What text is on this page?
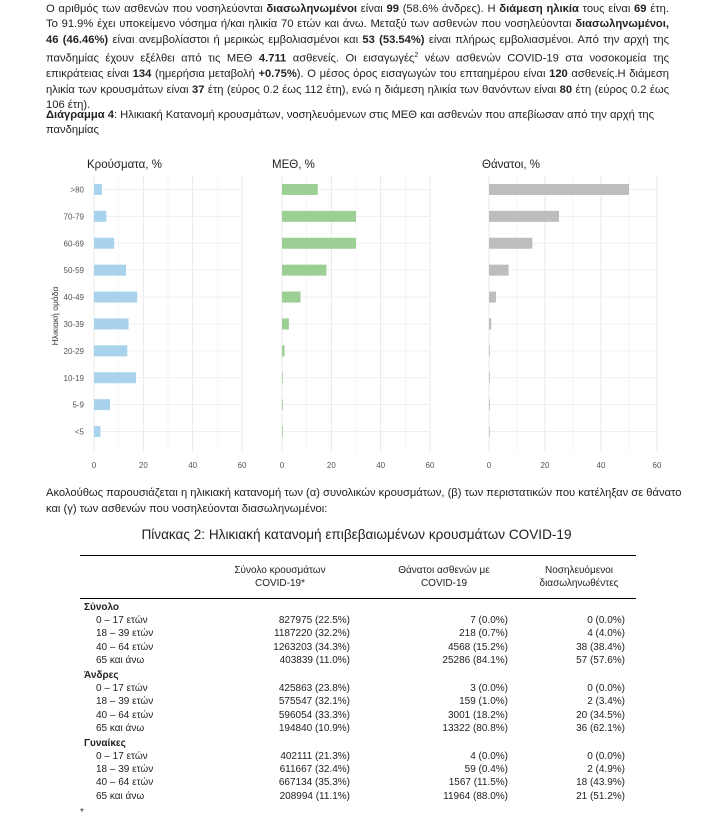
Ο αριθμός των ασθενών που νοσηλεύονται διασωληνωμένοι είναι 99 (58.6% άνδρες). Η διάμεση ηλικία τους είναι 69 έτη. Το 91.9% έχει υποκείμενο νόσημα ή/και ηλικία 70 ετών και άνω. Μεταξύ των ασθενών που νοσηλεύονται διασωληνωμένοι, 46 (46.46%) είναι ανεμβολίαστοι ή μερικώς εμβολιασμένοι και 53 (53.54%) είναι πλήρως εμβολιασμένοι. Από την αρχή της πανδημίας έχουν εξέλθει από τις ΜΕΘ 4.711 ασθενείς. Οι εισαγωγές$^2$ νέων ασθενών COVID-19 στα νοσοκομεία της επικράτειας είναι 134 (ημερήσια μεταβολή +0.75%). Ο μέσος όρος εισαγωγών του επταημέρου είναι 120 ασθενείς.Η διάμεση ηλικία των κρουσμάτων είναι 37 έτη (εύρος 0.2 έως 112 έτη), ενώ η διάμεση ηλικία των θανόντων είναι 80 έτη (εύρος 0.2 έως 106 έτη).
Διάγραμμα 4: Ηλικιακή Κατανομή κρουσμάτων, νοσηλευόμενων στις ΜΕΘ και ασθενών που απεβίωσαν από την αρχή της πανδημίας
Κρούσματα, %
0	20	40	60
ΜΕΘ, %
0	20	40	60
Θάνατοι, %
0	20	40	60
>80
70-79
60-69
50-59
40-49
30-39
20-29
10-19
5-9
<5
Ηλικιακή ομάδα
Ακολούθως παρουσιάζεται η ηλικιακή κατανομή των (α) συνολικών κρουσμάτων, (β) των περιστατικών που κατέληξαν σε θάνατο και (γ) των ασθενών που νοσηλεύονται διασωληνωμένοι:
Πίνακας 2: Ηλικιακή κατανομή επιβεβαιωμένων κρουσμάτων COVID-19
Σύνολο κρουσμάτων
COVID-19*
Θάνατοι ασθενών με
COVID-19
Νοσηλευόμενοι
διασωληνωθέντες
Σύνολο
0 – 17 ετών	827975 (22.5%)	7 (0.0%)	0 (0.0%)
18 – 39 ετών	1187220 (32.2%)	218 (0.7%)	4 (4.0%)
40 – 64 ετών	1263203 (34.3%)	4568 (15.2%)	38 (38.4%)
65 και άνω	403839 (11.0%)	25286 (84.1%)	57 (57.6%)
Άνδρες
0 – 17 ετών	425863 (23.8%)	3 (0.0%)	0 (0.0%)
18 – 39 ετών	575547 (32.1%)	159 (1.0%)	2 (3.4%)
40 – 64 ετών	596054 (33.3%)	3001 (18.2%)	20 (34.5%)
65 και άνω	194840 (10.9%)	13322 (80.8%)	36 (62.1%)
Γυναίκες
0 – 17 ετών	402111 (21.3%)	4 (0.0%)	0 (0.0%)
18 – 39 ετών	611667 (32.4%)	59 (0.4%)	2 (4.9%)
40 – 64 ετών	667134 (35.3%)	1567 (11.5%)	18 (43.9%)
65 και άνω	208994 (11.1%)	11964 (88.0%)	21 (51.2%)
*
